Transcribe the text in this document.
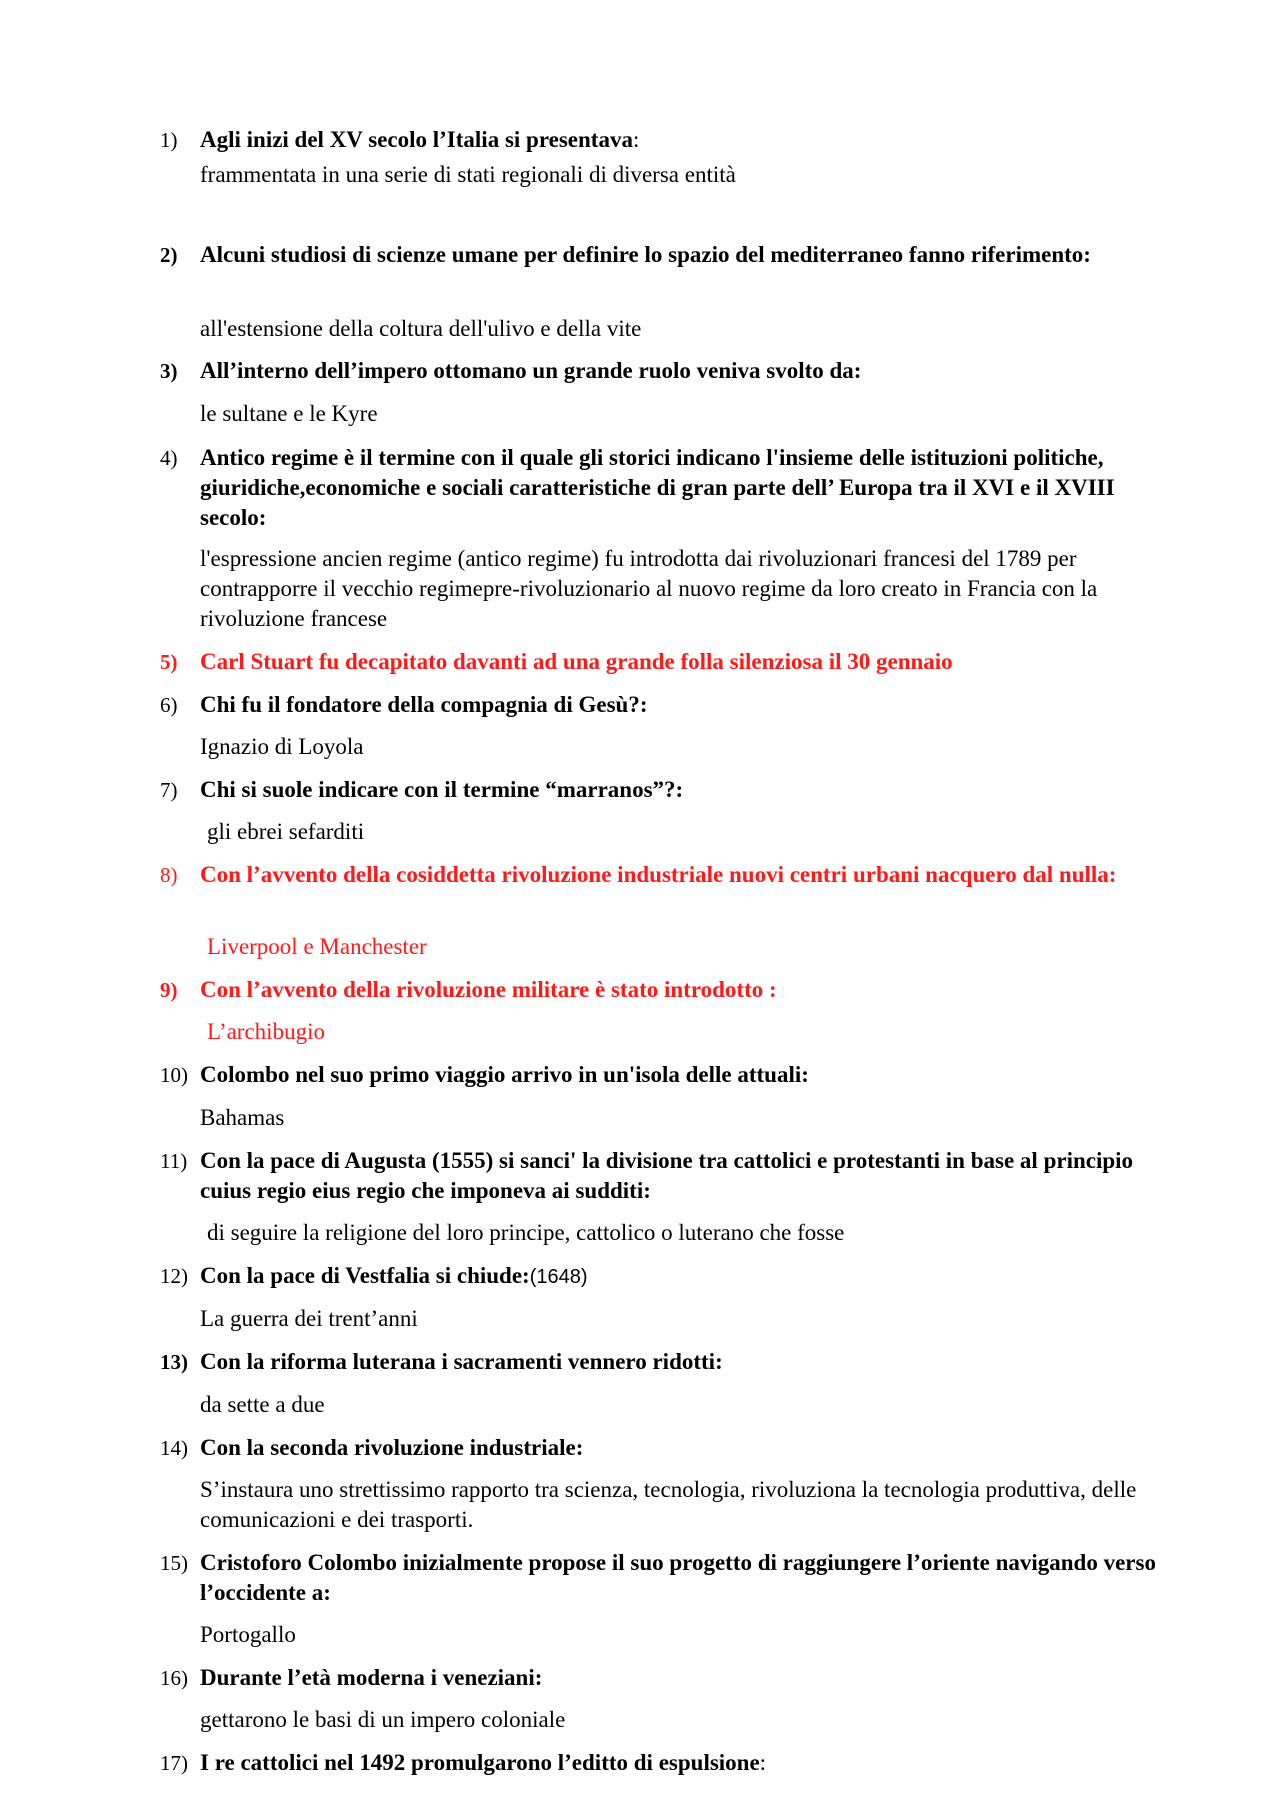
1) Agli inizi del XV secolo l’Italia si presentava:
frammentata in una serie di stati regionali di diversa entità
2) Alcuni studiosi di scienze umane per definire lo spazio del mediterraneo fanno riferimento:
all'estensione della coltura dell'ulivo e della vite
3) All’interno dell’impero ottomano un grande ruolo veniva svolto da:
le sultane e le Kyre
4) Antico regime è il termine con il quale gli storici indicano l'insieme delle istituzioni politiche, giuridiche,economiche e sociali caratteristiche di gran parte dell’ Europa tra il XVI e il XVIII secolo:
l'espressione ancien regime (antico regime) fu introdotta dai rivoluzionari francesi del 1789 per contrapporre il vecchio regimepre-rivoluzionario al nuovo regime da loro creato in Francia con la rivoluzione francese
5) Carl Stuart fu decapitato davanti ad una grande folla silenziosa il 30 gennaio
6) Chi fu il fondatore della compagnia di Gesù?:
Ignazio di Loyola
7) Chi si suole indicare con il termine “marranos”?:
gli ebrei sefarditi
8) Con l’avvento della cosiddetta rivoluzione industriale nuovi centri urbani nacquero dal nulla:
Liverpool e Manchester
9) Con l’avvento della rivoluzione militare è stato introdotto :
L’archibugio
10) Colombo nel suo primo viaggio arrivo in un'isola delle attuali:
Bahamas
11) Con la pace di Augusta (1555) si sanci' la divisione tra cattolici e protestanti in base al principio cuius regio eius regio che imponeva ai sudditi:
di seguire la religione del loro principe, cattolico o luterano che fosse
12) Con la pace di Vestfalia si chiude:(1648)
La guerra dei trent’anni
13) Con la riforma luterana i sacramenti vennero ridotti:
da sette a due
14) Con la seconda rivoluzione industriale:
S’instaura uno strettissimo rapporto tra scienza, tecnologia, rivoluziona la tecnologia produttiva, delle comunicazioni e dei trasporti.
15) Cristoforo Colombo inizialmente propose il suo progetto di raggiungere l’oriente navigando verso l’occidente a:
Portogallo
16) Durante l’età moderna i veneziani:
gettarono le basi di un impero coloniale
17) I re cattolici nel 1492 promulgarono l’editto di espulsione:
